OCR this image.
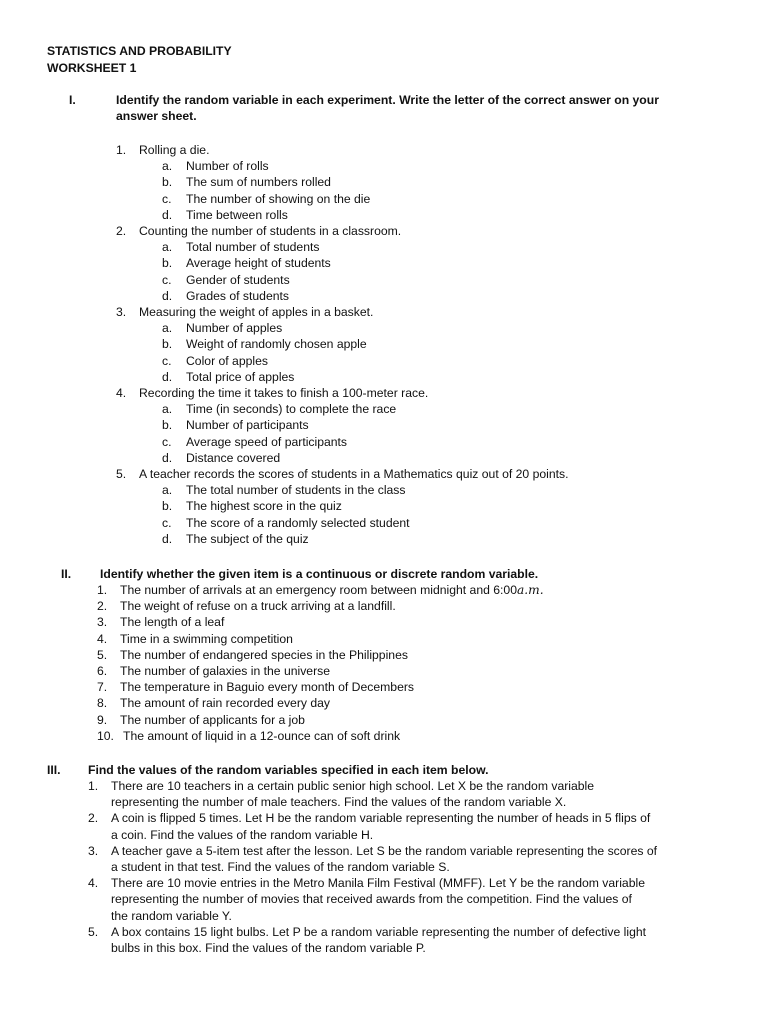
STATISTICS AND PROBABILITY
WORKSHEET 1
I.	Identify the random variable in each experiment. Write the letter of the correct answer on your
answer sheet.
1. Rolling a die.
a. Number of rolls
b. The sum of numbers rolled
c. The number of showing on the die
d. Time between rolls
2. Counting the number of students in a classroom.
a. Total number of students
b. Average height of students
c. Gender of students
d. Grades of students
3. Measuring the weight of apples in a basket.
a. Number of apples
b. Weight of randomly chosen apple
c. Color of apples
d. Total price of apples
4. Recording the time it takes to finish a 100-meter race.
a. Time (in seconds) to complete the race
b. Number of participants
c. Average speed of participants
d. Distance covered
5. A teacher records the scores of students in a Mathematics quiz out of 20 points.
a. The total number of students in the class
b. The highest score in the quiz
c. The score of a randomly selected student
d. The subject of the quiz
II. Identify whether the given item is a continuous or discrete random variable.
1. The number of arrivals at an emergency room between midnight and 6:00a.m.
2. The weight of refuse on a truck arriving at a landfill.
3. The length of a leaf
4. Time in a swimming competition
5. The number of endangered species in the Philippines
6. The number of galaxies in the universe
7. The temperature in Baguio every month of Decembers
8. The amount of rain recorded every day
9. The number of applicants for a job
10. The amount of liquid in a 12-ounce can of soft drink
III. Find the values of the random variables specified in each item below.
1. There are 10 teachers in a certain public senior high school. Let X be the random variable
representing the number of male teachers. Find the values of the random variable X.
2. A coin is flipped 5 times. Let H be the random variable representing the number of heads in 5 flips of
a coin. Find the values of the random variable H.
3. A teacher gave a 5-item test after the lesson. Let S be the random variable representing the scores of
a student in that test. Find the values of the random variable S.
4. There are 10 movie entries in the Metro Manila Film Festival (MMFF). Let Y be the random variable
representing the number of movies that received awards from the competition. Find the values of
the random variable Y.
5. A box contains 15 light bulbs. Let P be a random variable representing the number of defective light
bulbs in this box. Find the values of the random variable P.
